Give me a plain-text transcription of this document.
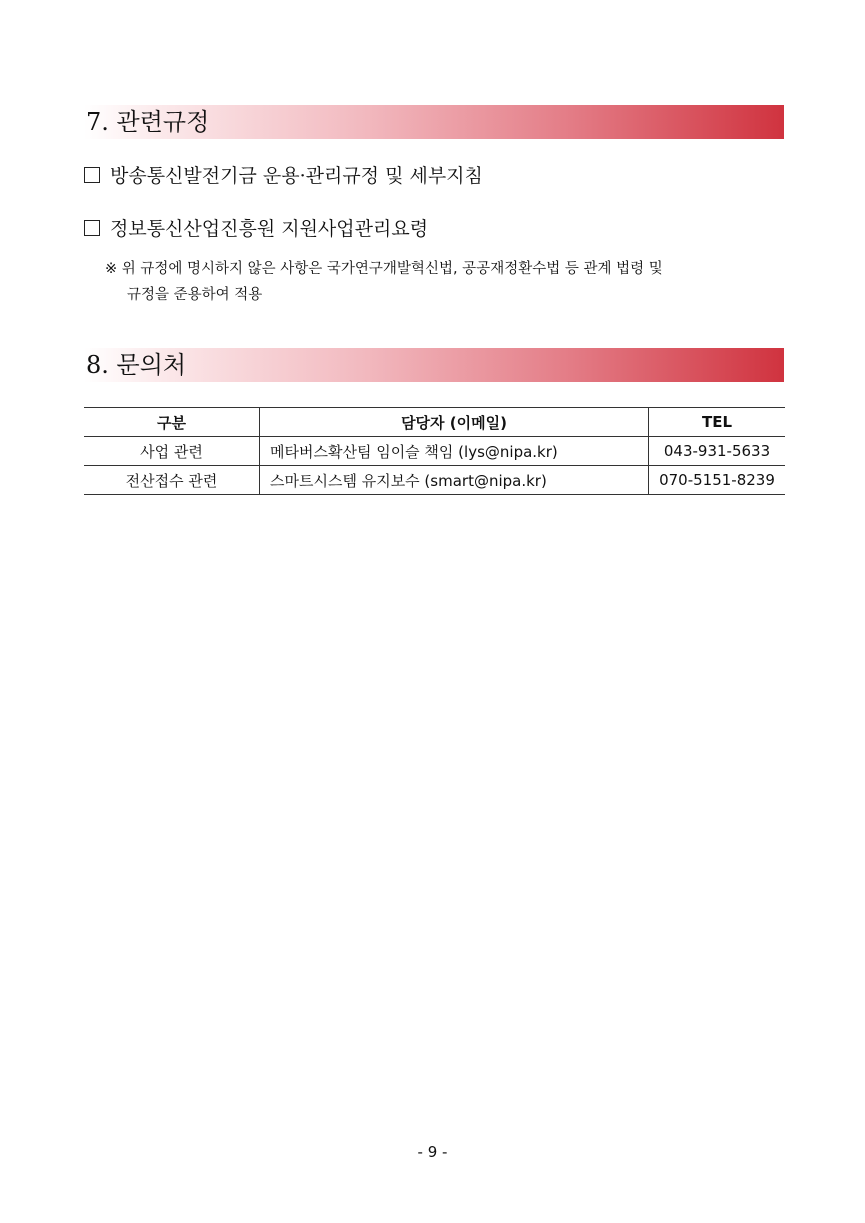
7. 관련규정
방송통신발전기금 운용·관리규정 및 세부지침
정보통신산업진흥원 지원사업관리요령
※ 위 규정에 명시하지 않은 사항은 국가연구개발혁신법, 공공재정환수법 등 관계 법령 및
규정을 준용하여 적용
8. 문의처
구분	담당자 (이메일)	TEL
사업 관련	메타버스확산팀 임이슬 책임 (lys@nipa.kr)	043-931-5633
전산접수 관련	스마트시스템 유지보수 (smart@nipa.kr)	070-5151-8239
- 9 -
